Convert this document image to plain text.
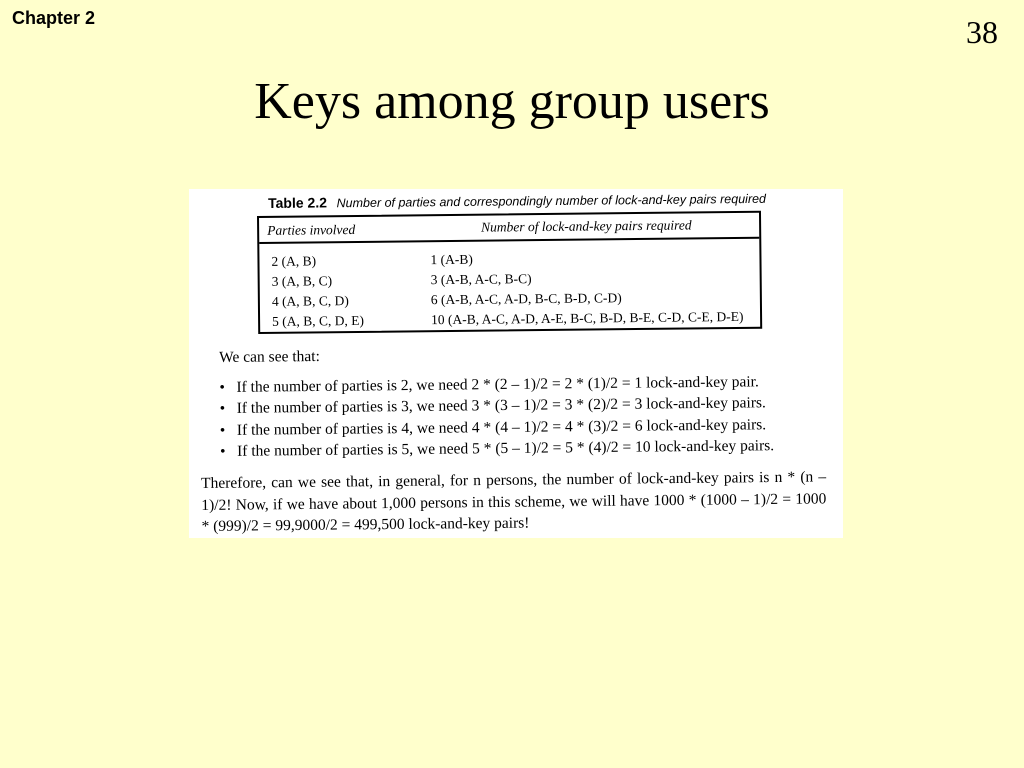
Chapter 2	38
Keys among group users
Table 2.2 Number of parties and correspondingly number of lock-and-key pairs required
Parties involved	Number of lock-and-key pairs required
2 (A, B)	1 (A-B)
3 (A, B, C)	3 (A-B, A-C, B-C)
4 (A, B, C, D)	6 (A-B, A-C, A-D, B-C, B-D, C-D)
5 (A, B, C, D, E)	10 (A-B, A-C, A-D, A-E, B-C, B-D, B-E, C-D, C-E, D-E)

We can see that:

• If the number of parties is 2, we need 2 * (2 – 1)/2 = 2 * (1)/2 = 1 lock-and-key pair.
• If the number of parties is 3, we need 3 * (3 – 1)/2 = 3 * (2)/2 = 3 lock-and-key pairs.
• If the number of parties is 4, we need 4 * (4 – 1)/2 = 4 * (3)/2 = 6 lock-and-key pairs.
• If the number of parties is 5, we need 5 * (5 – 1)/2 = 5 * (4)/2 = 10 lock-and-key pairs.
Therefore, can we see that, in general, for n persons, the number of lock-and-key pairs is n * (n – 1)/2! Now, if we have about 1,000 persons in this scheme, we will have 1000 * (1000 – 1)/2 = 1000 * (999)/2 = 99,9000/2 = 499,500 lock-and-key pairs!
